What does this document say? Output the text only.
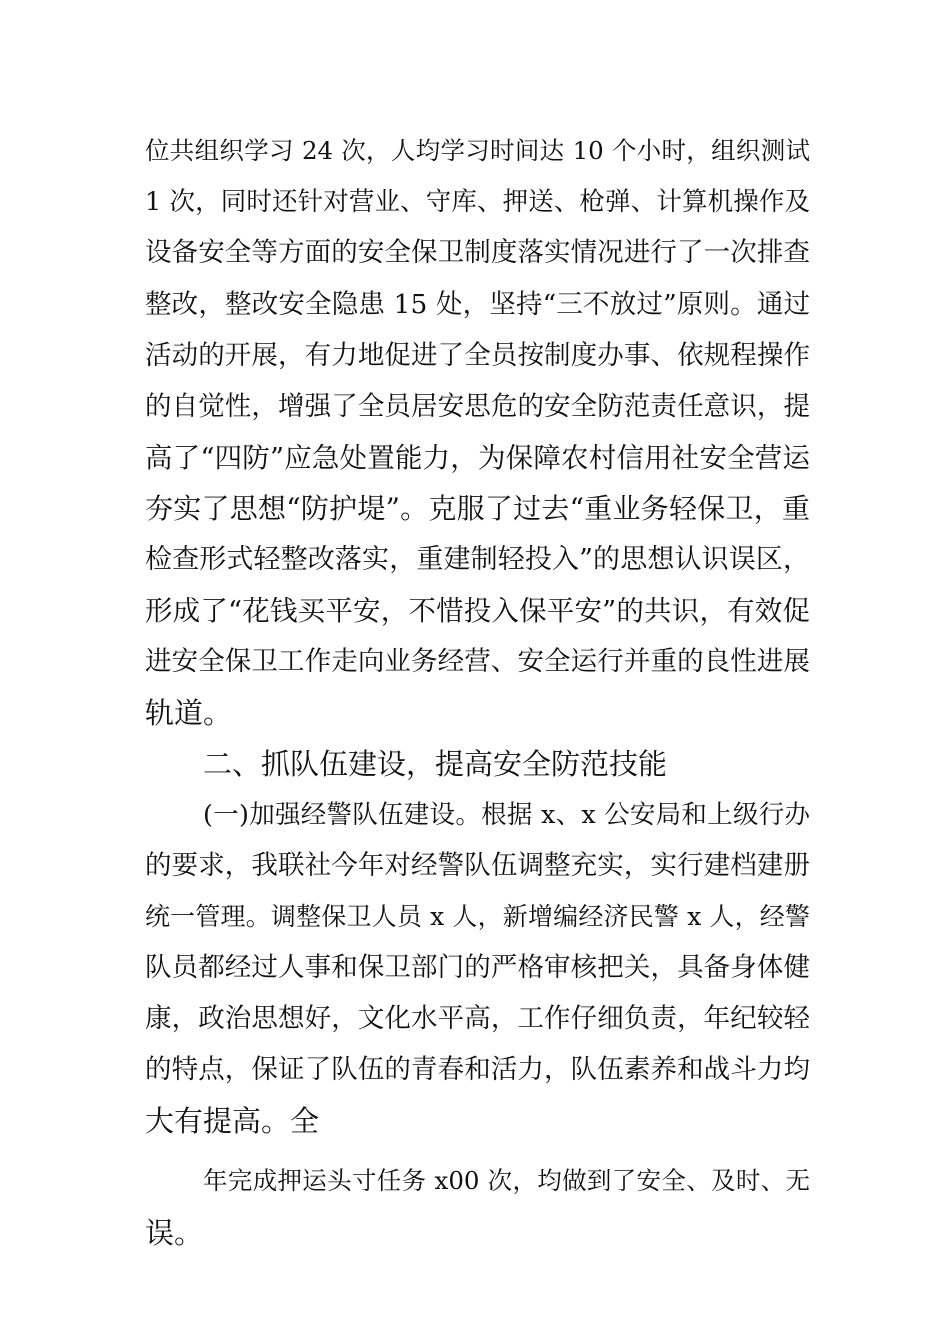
位共组织学习 24 次，人均学习时间达 10 个小时，组织测试
1 次，同时还针对营业、守库、押送、枪弹、计算机操作及
设备安全等方面的安全保卫制度落实情况进行了一次排查
整改，整改安全隐患 15 处，坚持“三不放过”原则。通过
活动的开展，有力地促进了全员按制度办事、依规程操作
的自觉性，增强了全员居安思危的安全防范责任意识，提
高了“四防”应急处置能力，为保障农村信用社安全营运
夯实了思想“防护堤”。克服了过去“重业务轻保卫，重
检查形式轻整改落实，重建制轻投入”的思想认识误区，
形成了“花钱买平安，不惜投入保平安”的共识，有效促
进安全保卫工作走向业务经营、安全运行并重的良性进展
轨道。
二、抓队伍建设，提高安全防范技能
(一)加强经警队伍建设。根据 x、x 公安局和上级行办
的要求，我联社今年对经警队伍调整充实，实行建档建册
统一管理。调整保卫人员 x 人，新增编经济民警 x 人，经警
队员都经过人事和保卫部门的严格审核把关，具备身体健
康，政治思想好，文化水平高，工作仔细负责，年纪较轻
的特点，保证了队伍的青春和活力，队伍素养和战斗力均
大有提高。全
年完成押运头寸任务 x00 次，均做到了安全、及时、无
误。
